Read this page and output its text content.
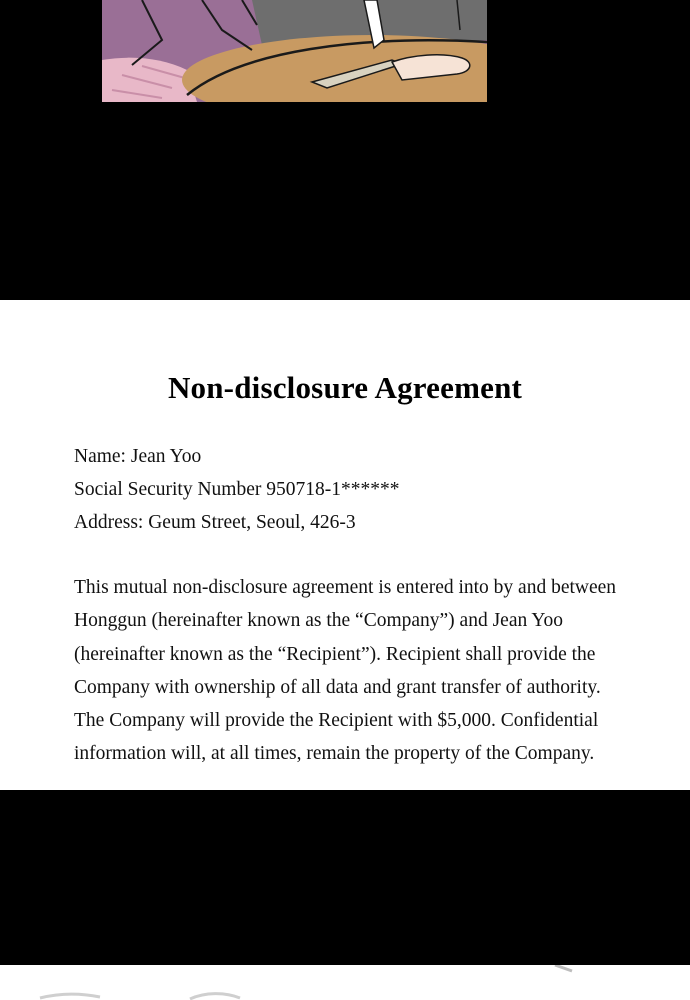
Non-disclosure Agreement
Name: Jean Yoo
Social Security Number 950718-1******
Address: Geum Street, Seoul, 426-3
This mutual non-disclosure agreement is entered into by and between
Honggun (hereinafter known as the “Company”) and Jean Yoo
(hereinafter known as the “Recipient”). Recipient shall provide the
Company with ownership of all data and grant transfer of authority.
The Company will provide the Recipient with $5,000. Confidential
information will, at all times, remain the property of the Company.
